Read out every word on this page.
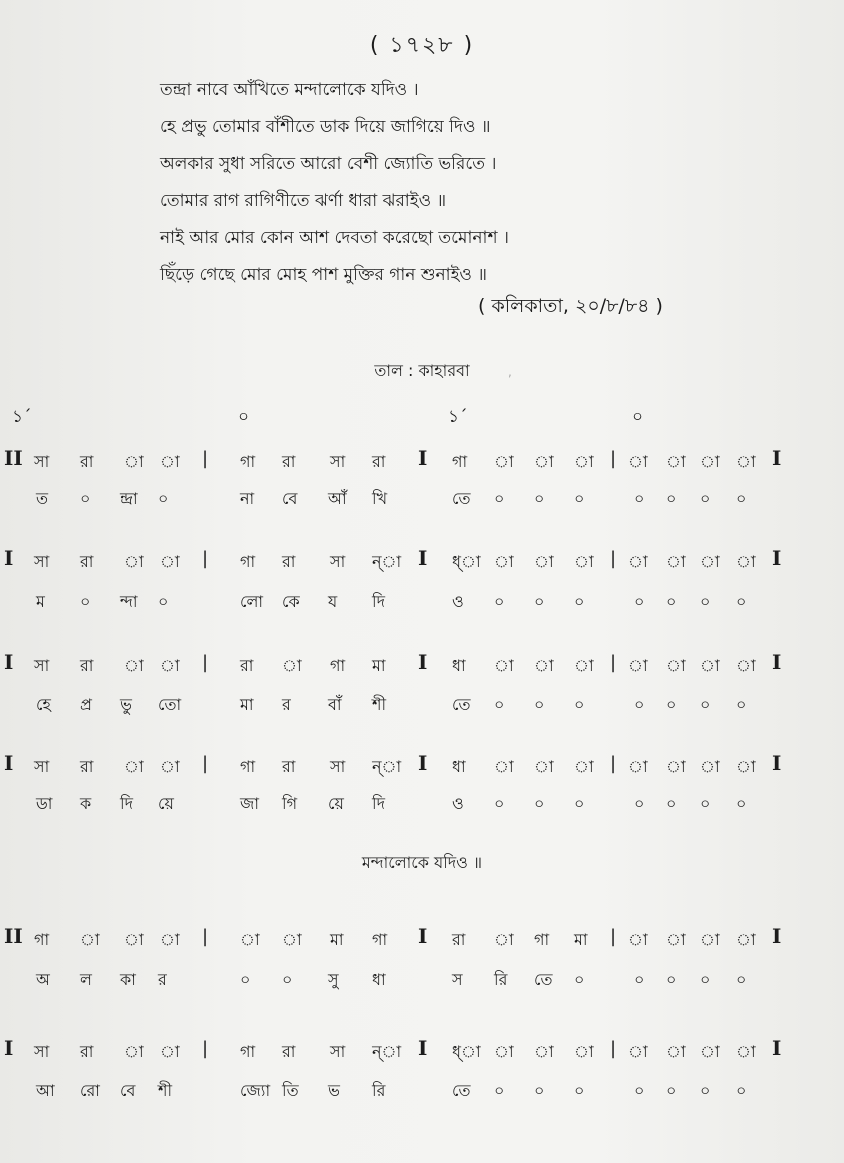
( ১৭২৮ )
তন্দ্রা নাবে আঁখিতে মন্দালোকে যদিও ।
হে প্রভু তোমার বাঁশীতে ডাক দিয়ে জাগিয়ে দিও ॥
অলকার সুধা সরিতে আরো বেশী জ্যোতি ভরিতে ।
তোমার রাগ রাগিণীতে ঝর্ণা ধারা ঝরাইও ॥
নাই আর মোর কোন আশ দেবতা করেছো তমোনাশ ।
ছিঁড়ে গেছে মোর মোহ পাশ মুক্তির গান শুনাইও ॥
( কলিকাতা, ২০/৮/৮৪ )
তাল : কাহারবা	,
১´	০	১´	০
II সা রা া া | গা রা সা রা I গা া া া | া া া া I
ত ০ ন্দ্রা ০	না বে আঁ খি	তে ০ ০ ০	০ ০ ০ ০
I সা রা া া | গা রা সা ন্া I ধ্া া া া | া া া া I
ম ০ ন্দা ০	লো কে য দি	ও ০ ০ ০	০ ০ ০ ০
I সা রা া া | রা া গা মা I ধা া া া | া া া া I
হে প্র ভু তো	মা র বাঁ শী	তে ০ ০ ০	০ ০ ০ ০
I সা রা া া | গা রা সা ন্া I ধা া া া | া া া া I
ডা ক দি য়ে	জা গি য়ে দি	ও ০ ০ ০	০ ০ ০ ০
II গা া া া | া া মা গা I রা া গা মা | া া া া I
অ ল কা র	০ ০ সু ধা	স রি তে ০	০ ০ ০ ০
I সা রা া া | গা রা সা ন্া I ধ্া া া া | া া া া I
আ রো বে শী	জ্যো তি ভ রি	তে ০ ০ ০	০ ০ ০ ০
মন্দালোকে যদিও ॥
